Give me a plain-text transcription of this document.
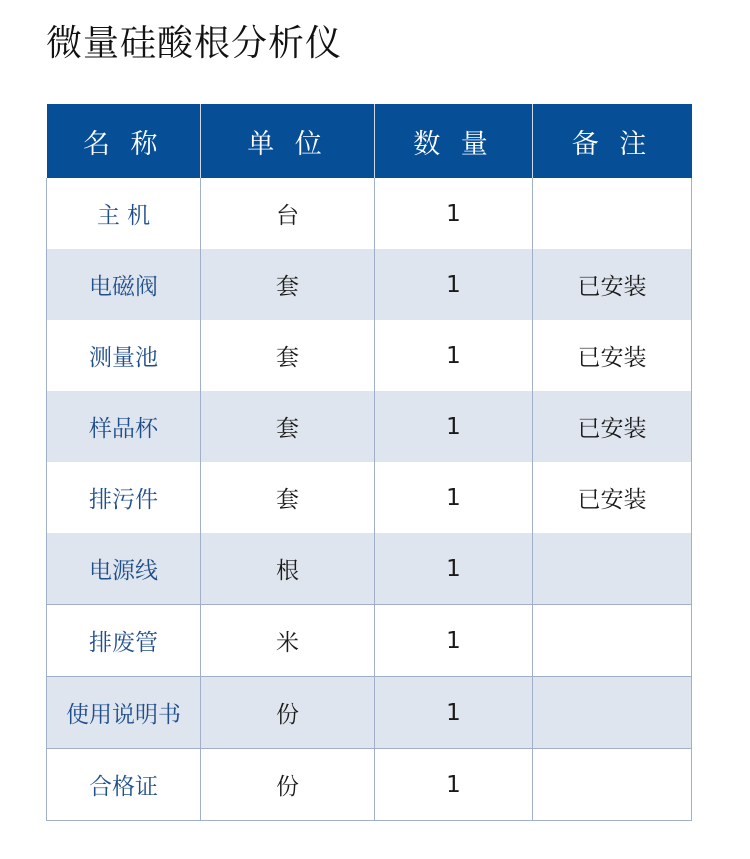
微量硅酸根分析仪
名 称	单 位	数 量	备 注
主 机	台	1	
电磁阀	套	1	已安装
测量池	套	1	已安装
样品杯	套	1	已安装
排污件	套	1	已安装
电源线	根	1	
排废管	米	1	
使用说明书	份	1	
合格证	份	1	
